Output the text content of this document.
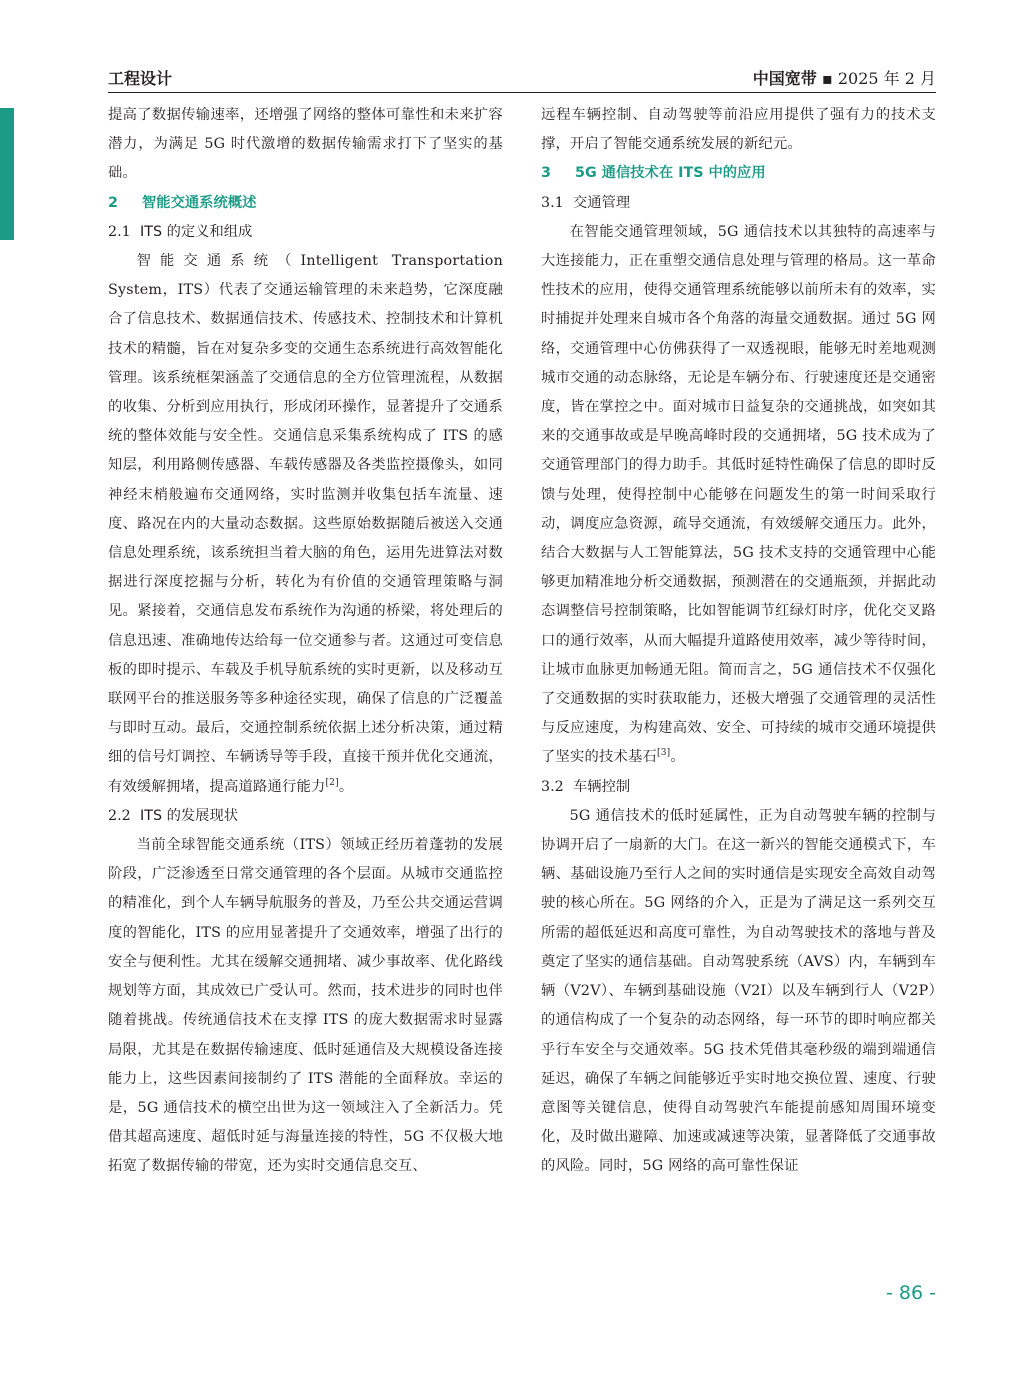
工程设计	中国宽带 ▪ 2025 年 2 月

提高了数据传输速率，还增强了网络的整体可靠性和未来扩容潜力，为满足 5G 时代激增的数据传输需求打下了坚实的基础。

2 智能交通系统概述
2.1 ITS 的定义和组成

智能交通系统（Intelligent Transportation System，ITS）代表了交通运输管理的未来趋势，它深度融合了信息技术、数据通信技术、传感技术、控制技术和计算机技术的精髓，旨在对复杂多变的交通生态系统进行高效智能化管理。该系统框架涵盖了交通信息的全方位管理流程，从数据的收集、分析到应用执行，形成闭环操作，显著提升了交通系统的整体效能与安全性。交通信息采集系统构成了 ITS 的感知层，利用路侧传感器、车载传感器及各类监控摄像头，如同神经末梢般遍布交通网络，实时监测并收集包括车流量、速度、路况在内的大量动态数据。这些原始数据随后被送入交通信息处理系统，该系统担当着大脑的角色，运用先进算法对数据进行深度挖掘与分析，转化为有价值的交通管理策略与洞见。紧接着，交通信息发布系统作为沟通的桥梁，将处理后的信息迅速、准确地传达给每一位交通参与者。这通过可变信息板的即时提示、车载及手机导航系统的实时更新，以及移动互联网平台的推送服务等多种途径实现，确保了信息的广泛覆盖与即时互动。最后，交通控制系统依据上述分析决策，通过精细的信号灯调控、车辆诱导等手段，直接干预并优化交通流，有效缓解拥堵，提高道路通行能力[2]。

2.2 ITS 的发展现状

当前全球智能交通系统（ITS）领域正经历着蓬勃的发展阶段，广泛渗透至日常交通管理的各个层面。从城市交通监控的精准化，到个人车辆导航服务的普及，乃至公共交通运营调度的智能化，ITS 的应用显著提升了交通效率，增强了出行的安全与便利性。尤其在缓解交通拥堵、减少事故率、优化路线规划等方面，其成效已广受认可。然而，技术进步的同时也伴随着挑战。传统通信技术在支撑 ITS 的庞大数据需求时显露局限，尤其是在数据传输速度、低时延通信及大规模设备连接能力上，这些因素间接制约了 ITS 潜能的全面释放。幸运的是，5G 通信技术的横空出世为这一领域注入了全新活力。凭借其超高速度、超低时延与海量连接的特性，5G 不仅极大地拓宽了数据传输的带宽，还为实时交通信息交互、

远程车辆控制、自动驾驶等前沿应用提供了强有力的技术支撑，开启了智能交通系统发展的新纪元。

3 5G 通信技术在 ITS 中的应用
3.1 交通管理

在智能交通管理领域，5G 通信技术以其独特的高速率与大连接能力，正在重塑交通信息处理与管理的格局。这一革命性技术的应用，使得交通管理系统能够以前所未有的效率，实时捕捉并处理来自城市各个角落的海量交通数据。通过 5G 网络，交通管理中心仿佛获得了一双透视眼，能够无时差地观测城市交通的动态脉络，无论是车辆分布、行驶速度还是交通密度，皆在掌控之中。面对城市日益复杂的交通挑战，如突如其来的交通事故或是早晚高峰时段的交通拥堵，5G 技术成为了交通管理部门的得力助手。其低时延特性确保了信息的即时反馈与处理，使得控制中心能够在问题发生的第一时间采取行动，调度应急资源，疏导交通流，有效缓解交通压力。此外，结合大数据与人工智能算法，5G 技术支持的交通管理中心能够更加精准地分析交通数据，预测潜在的交通瓶颈，并据此动态调整信号控制策略，比如智能调节红绿灯时序，优化交叉路口的通行效率，从而大幅提升道路使用效率，减少等待时间，让城市血脉更加畅通无阻。简而言之，5G 通信技术不仅强化了交通数据的实时获取能力，还极大增强了交通管理的灵活性与反应速度，为构建高效、安全、可持续的城市交通环境提供了坚实的技术基石[3]。

3.2 车辆控制

5G 通信技术的低时延属性，正为自动驾驶车辆的控制与协调开启了一扇新的大门。在这一新兴的智能交通模式下，车辆、基础设施乃至行人之间的实时通信是实现安全高效自动驾驶的核心所在。5G 网络的介入，正是为了满足这一系列交互所需的超低延迟和高度可靠性，为自动驾驶技术的落地与普及奠定了坚实的通信基础。自动驾驶系统（AVS）内，车辆到车辆（V2V）、车辆到基础设施（V2I）以及车辆到行人（V2P）的通信构成了一个复杂的动态网络，每一环节的即时响应都关乎行车安全与交通效率。5G 技术凭借其毫秒级的端到端通信延迟，确保了车辆之间能够近乎实时地交换位置、速度、行驶意图等关键信息，使得自动驾驶汽车能提前感知周围环境变化，及时做出避障、加速或减速等决策，显著降低了交通事故的风险。同时，5G 网络的高可靠性保证

- 86 -
